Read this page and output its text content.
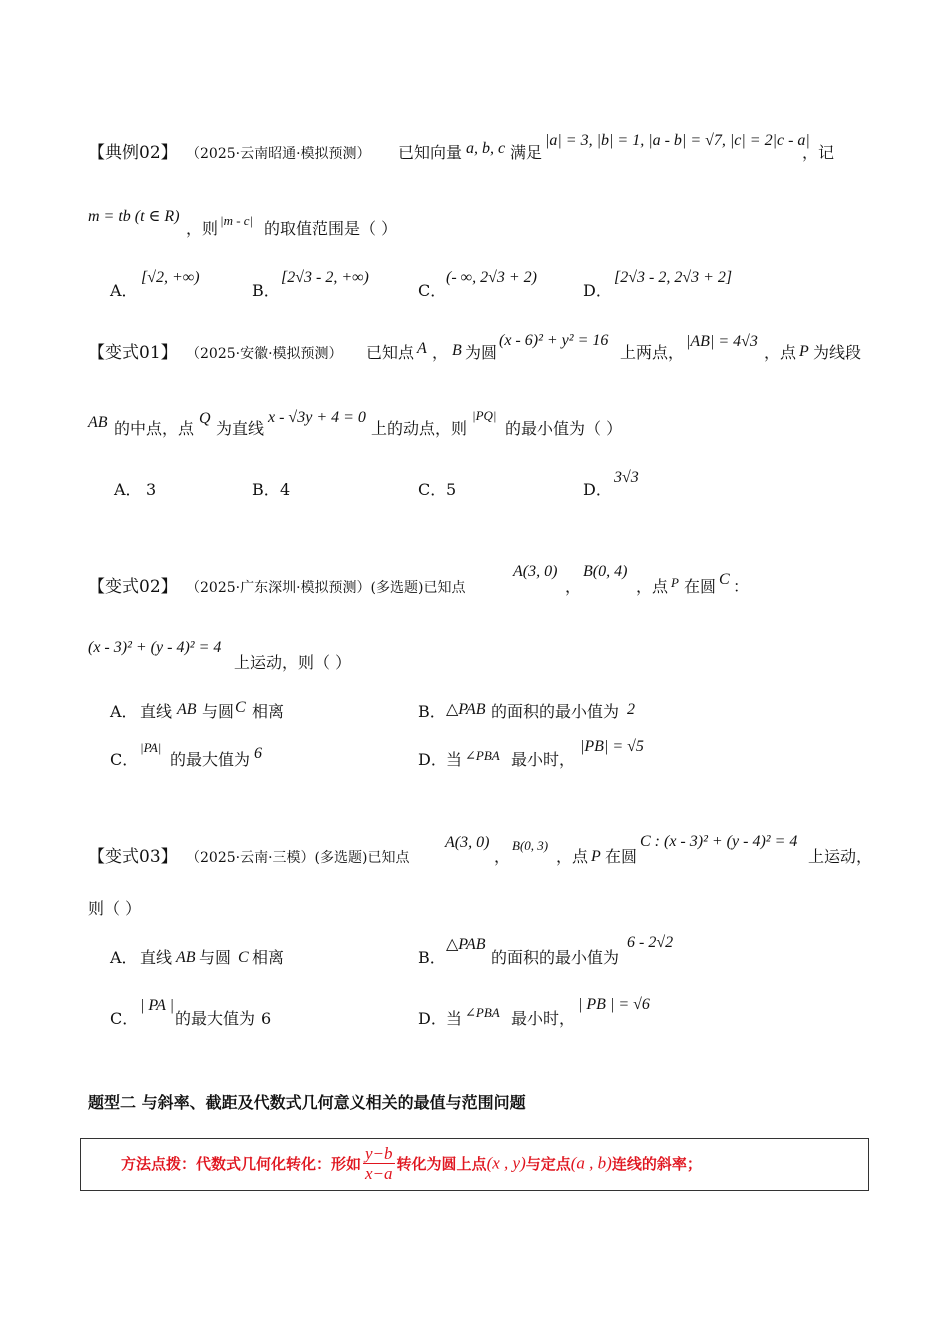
【典例02】 （2025·云南昭通·模拟预测） 已知向量 a, b, c 满足
|a| = 3, |b| = 1, |a - b| = √7, |c| = 2|c - a|
，记
m = tb (t ∈ R)
，则 |m - c| 的取值范围是（ ）
A．
[√2, +∞)
B．
[2√3 - 2, +∞)
C．
(- ∞, 2√3 + 2)
D．
[2√3 - 2, 2√3 + 2]
【变式01】 （2025·安徽·模拟预测） 已知点 A ， B 为圆
(x - 6)² + y² = 16
上两点，
|AB| = 4√3
，点 P 为线段
AB 的中点，点
Q
为直线
x - √3y + 4 = 0
上的动点，则
|PQ|
的最小值为（ ）
A． 3	B． 4	C． 5	D．
3√3
【变式02】 （2025·广东深圳·模拟预测）(多选题)已知点
A(3, 0)
，
B(0, 4)
，点 P 在圆 C ：
(x - 3)² + (y - 4)² = 4
上运动，则（ ）
A． 直线 AB 与圆 C 相离	B． △PAB 的面积的最小值为 2
C．
|PA|
的最大值为 6	D． 当 ∠PBA 最小时，
|PB| = √5
【变式03】 （2025·云南·三模）(多选题)已知点
A(3, 0)
，
B(0, 3)
，点 P 在圆
C : (x - 3)² + (y - 4)² = 4
上运动，
则（ ）
A． 直线 AB 与圆 C 相离	B．
△PAB
的面积的最小值为
6 - 2√2
C．
| PA |
的最大值为 6	D． 当 ∠PBA 最小时，
| PB | = √6
题型二 与斜率、截距及代数式几何意义相关的最值与范围问题
方法点拨：代数式几何化转化：形如 $\frac{y-b}{x-a}$ 转化为圆上点(x , y)与定点(a , b)连线的斜率；
